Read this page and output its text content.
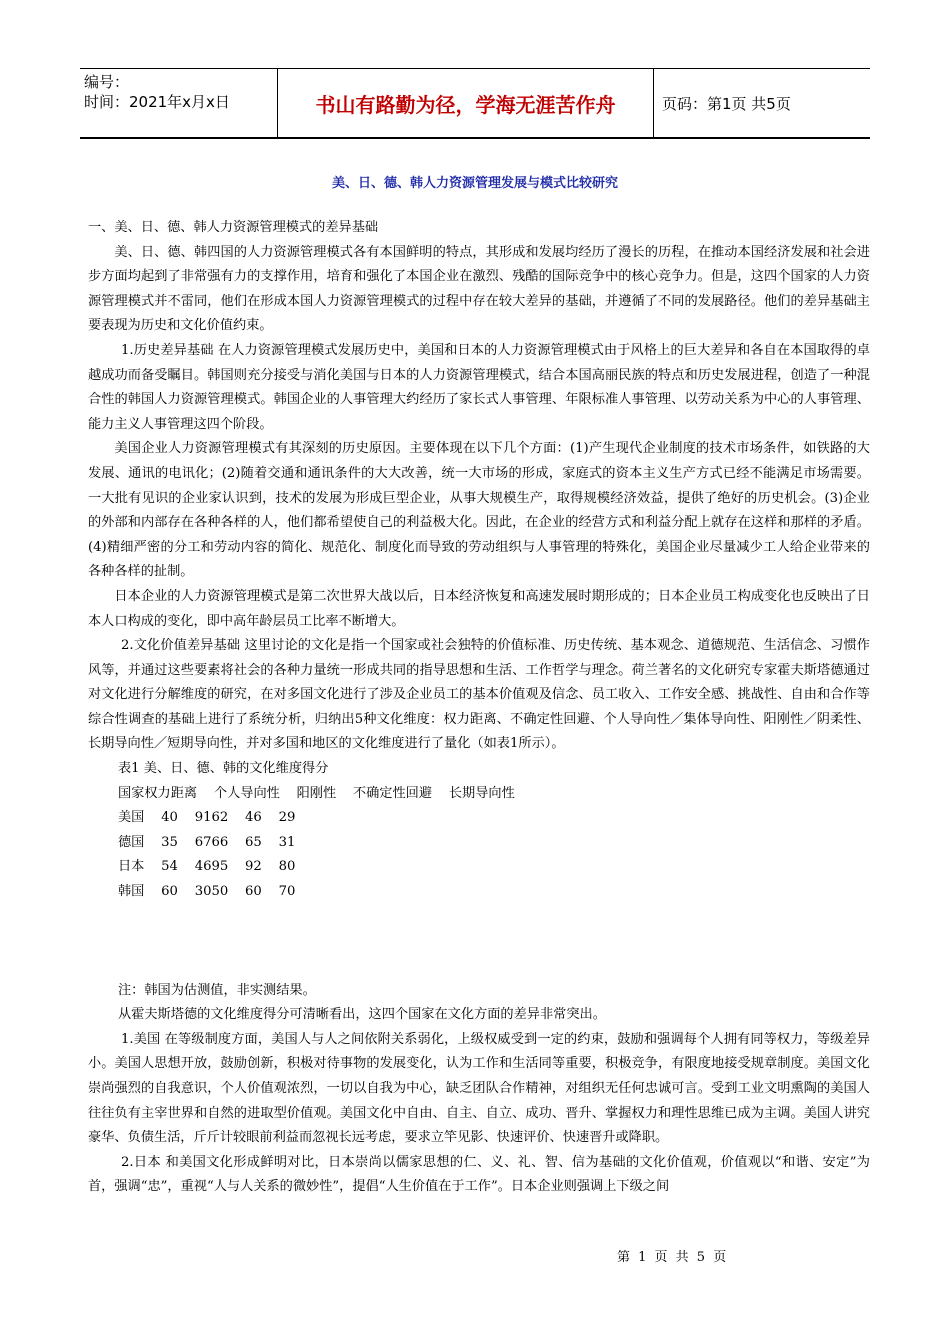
编号：
时间：2021年x月x日	书山有路勤为径，学海无涯苦作舟	页码：第1页 共5页
美、日、德、韩人力资源管理发展与模式比较研究

一、美、日、德、韩人力资源管理模式的差异基础

美、日、德、韩四国的人力资源管理模式各有本国鲜明的特点，其形成和发展均经历了漫长的历程，在推动本国经济发展和社会进步方面均起到了非常强有力的支撑作用，培育和强化了本国企业在激烈、残酷的国际竞争中的核心竞争力。但是，这四个国家的人力资源管理模式并不雷同，他们在形成本国人力资源管理模式的过程中存在较大差异的基础，并遵循了不同的发展路径。他们的差异基础主要表现为历史和文化价值约束。

1.历史差异基础 在人力资源管理模式发展历史中，美国和日本的人力资源管理模式由于风格上的巨大差异和各自在本国取得的卓越成功而备受瞩目。韩国则充分接受与消化美国与日本的人力资源管理模式，结合本国高丽民族的特点和历史发展进程，创造了一种混合性的韩国人力资源管理模式。韩国企业的人事管理大约经历了家长式人事管理、年限标准人事管理、以劳动关系为中心的人事管理、能力主义人事管理这四个阶段。

美国企业人力资源管理模式有其深刻的历史原因。主要体现在以下几个方面：(1)产生现代企业制度的技术市场条件，如铁路的大发展、通讯的电讯化；(2)随着交通和通讯条件的大大改善，统一大市场的形成，家庭式的资本主义生产方式已经不能满足市场需要。一大批有见识的企业家认识到，技术的发展为形成巨型企业，从事大规模生产，取得规模经济效益，提供了绝好的历史机会。(3)企业的外部和内部存在各种各样的人，他们都希望使自己的利益极大化。因此，在企业的经营方式和利益分配上就存在这样和那样的矛盾。(4)精细严密的分工和劳动内容的简化、规范化、制度化而导致的劳动组织与人事管理的特殊化，美国企业尽量减少工人给企业带来的各种各样的扯制。

日本企业的人力资源管理模式是第二次世界大战以后，日本经济恢复和高速发展时期形成的；日本企业员工构成变化也反映出了日本人口构成的变化，即中高年龄层员工比率不断增大。

2.文化价值差异基础 这里讨论的文化是指一个国家或社会独特的价值标准、历史传统、基本观念、道德规范、生活信念、习惯作风等，并通过这些要素将社会的各种力量统一形成共同的指导思想和生活、工作哲学与理念。荷兰著名的文化研究专家霍夫斯塔德通过对文化进行分解维度的研究，在对多国文化进行了涉及企业员工的基本价值观及信念、员工收入、工作安全感、挑战性、自由和合作等综合性调查的基础上进行了系统分析，归纳出5种文化维度：权力距离、不确定性回避、个人导向性／集体导向性、阳刚性／阴柔性、长期导向性／短期导向性，并对多国和地区的文化维度进行了量化（如表1所示）。

表1 美、日、德、韩的文化维度得分

国家权力距离    个人导向性    阳刚性    不确定性回避    长期导向性

美国    40    9162    46    29

德国    35    6766    65    31

日本    54    4695    92    80

韩国    60    3050    60    70

注：韩国为估测值，非实测结果。

从霍夫斯塔德的文化维度得分可清晰看出，这四个国家在文化方面的差异非常突出。

1.美国 在等级制度方面，美国人与人之间依附关系弱化，上级权威受到一定的约束，鼓励和强调每个人拥有同等权力，等级差异小。美国人思想开放，鼓励创新，积极对待事物的发展变化，认为工作和生活同等重要，积极竞争，有限度地接受规章制度。美国文化崇尚强烈的自我意识，个人价值观浓烈，一切以自我为中心，缺乏团队合作精神，对组织无任何忠诚可言。受到工业文明熏陶的美国人往往负有主宰世界和自然的进取型价值观。美国文化中自由、自主、自立、成功、晋升、掌握权力和理性思维已成为主调。美国人讲究豪华、负债生活，斤斤计较眼前利益而忽视长远考虑，要求立竿见影、快速评价、快速晋升或降职。

2.日本 和美国文化形成鲜明对比，日本崇尚以儒家思想的仁、义、礼、智、信为基础的文化价值观，价值观以“和谐、安定”为首，强调“忠”，重视“人与人关系的微妙性”，提倡“人生价值在于工作”。日本企业则强调上下级之间

第 1 页 共 5 页
